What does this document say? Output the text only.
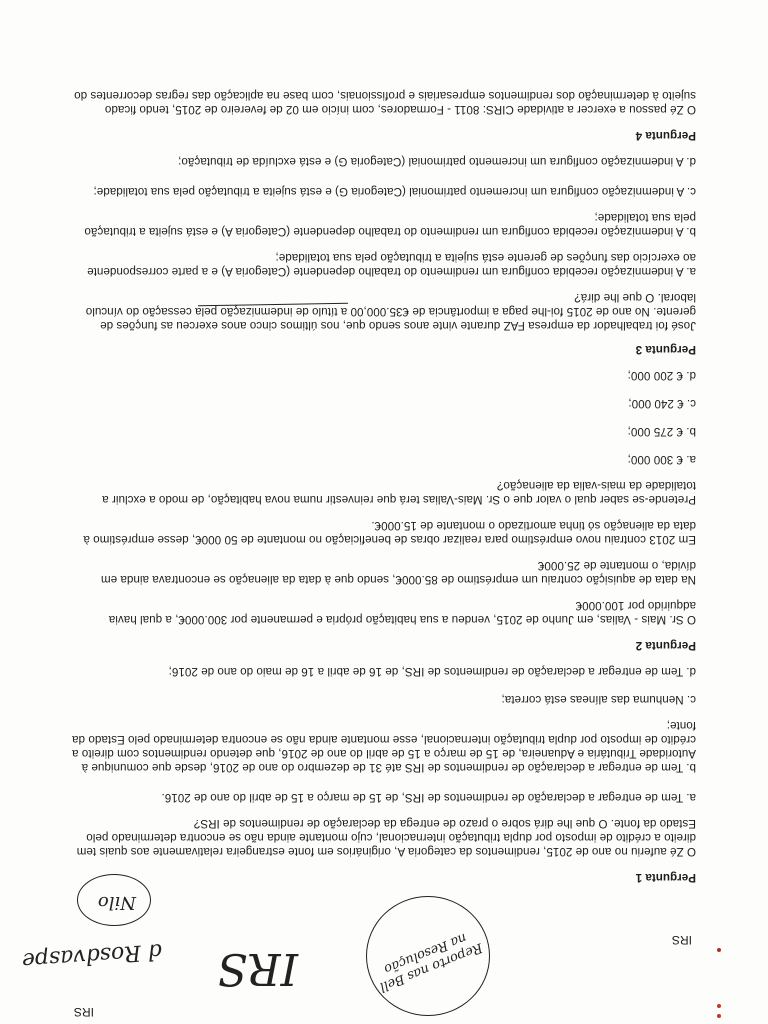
IRS
IRS
IRS	Reporto nas Bell na Resolução
Nilo
d Rosdvaspe
Pergunta 1
O Zé auferiu no ano de 2015, rendimentos da categoria A, originários em fonte estrangeira relativamente aos quais tem
direito a crédito de imposto por dupla tributação internacional, cujo montante ainda não se encontra determinado pelo
Estado da fonte. O que lhe dirá sobre o prazo de entrega da declaração de rendimentos de IRS?
a. Tem de entregar a declaração de rendimentos de IRS, de 15 de março a 15 de abril do ano de 2016.
b. Tem de entregar a declaração de rendimentos de IRS até 31 de dezembro do ano de 2016, desde que comunique à
Autoridade Tributária e Aduaneira, de 15 de março a 15 de abril do ano de 2016, que detendo rendimentos com direito a
crédito de imposto por dupla tributação internacional, esse montante ainda não se encontra determinado pelo Estado da
fonte;
c. Nenhuma das alíneas está correta;
d. Tem de entregar a declaração de rendimentos de IRS, de 16 de abril a 16 de maio do ano de 2016;
Pergunta 2
O Sr. Mais - Valias, em Junho de 2015, vendeu a sua habitação própria e permanente por 300.000€, a qual havia
adquirido por 100.000€
Na data de aquisição contraiu um empréstimo de 85.000€, sendo que à data da alienação se encontrava ainda em
dívida, o montante de 25.000€
Em 2013 contraiu novo empréstimo para realizar obras de beneficiação no montante de 50 000€, desse empréstimo à
data da alienação só tinha amortizado o montante de 15.000€.
Pretende-se saber qual o valor que o Sr. Mais-Valias terá que reinvestir numa nova habitação, de modo a excluir a
totalidade da mais-valia da alienação?
a. € 300 000;
b. € 275 000;
c. € 240 000;
d. € 200 000;
Pergunta 3
José foi trabalhador da empresa FAZ durante vinte anos sendo que, nos últimos cinco anos exerceu as funções de
gerente. No ano de 2015 foi-lhe paga a importância de €35.000,00 a título de indemnização pela cessação do vínculo
laboral. O que lhe dirá?
a. A indemnização recebida configura um rendimento do trabalho dependente (Categoria A) e a parte correspondente
ao exercício das funções de gerente está sujeita a tributação pela sua totalidade;
b. A indemnização recebida configura um rendimento do trabalho dependente (Categoria A) e está sujeita a tributação
pela sua totalidade;
c. A indemnização configura um incremento patrimonial (Categoria G) e está sujeita a tributação pela sua totalidade;
d. A indemnização configura um incremento patrimonial (Categoria G) e está excluída de tributação;
Pergunta 4
O Zé passou a exercer a atividade CIRS: 8011 - Formadores, com início em 02 de fevereiro de 2015, tendo ficado
sujeito à determinação dos rendimentos empresariais e profissionais, com base na aplicação das regras decorrentes do
